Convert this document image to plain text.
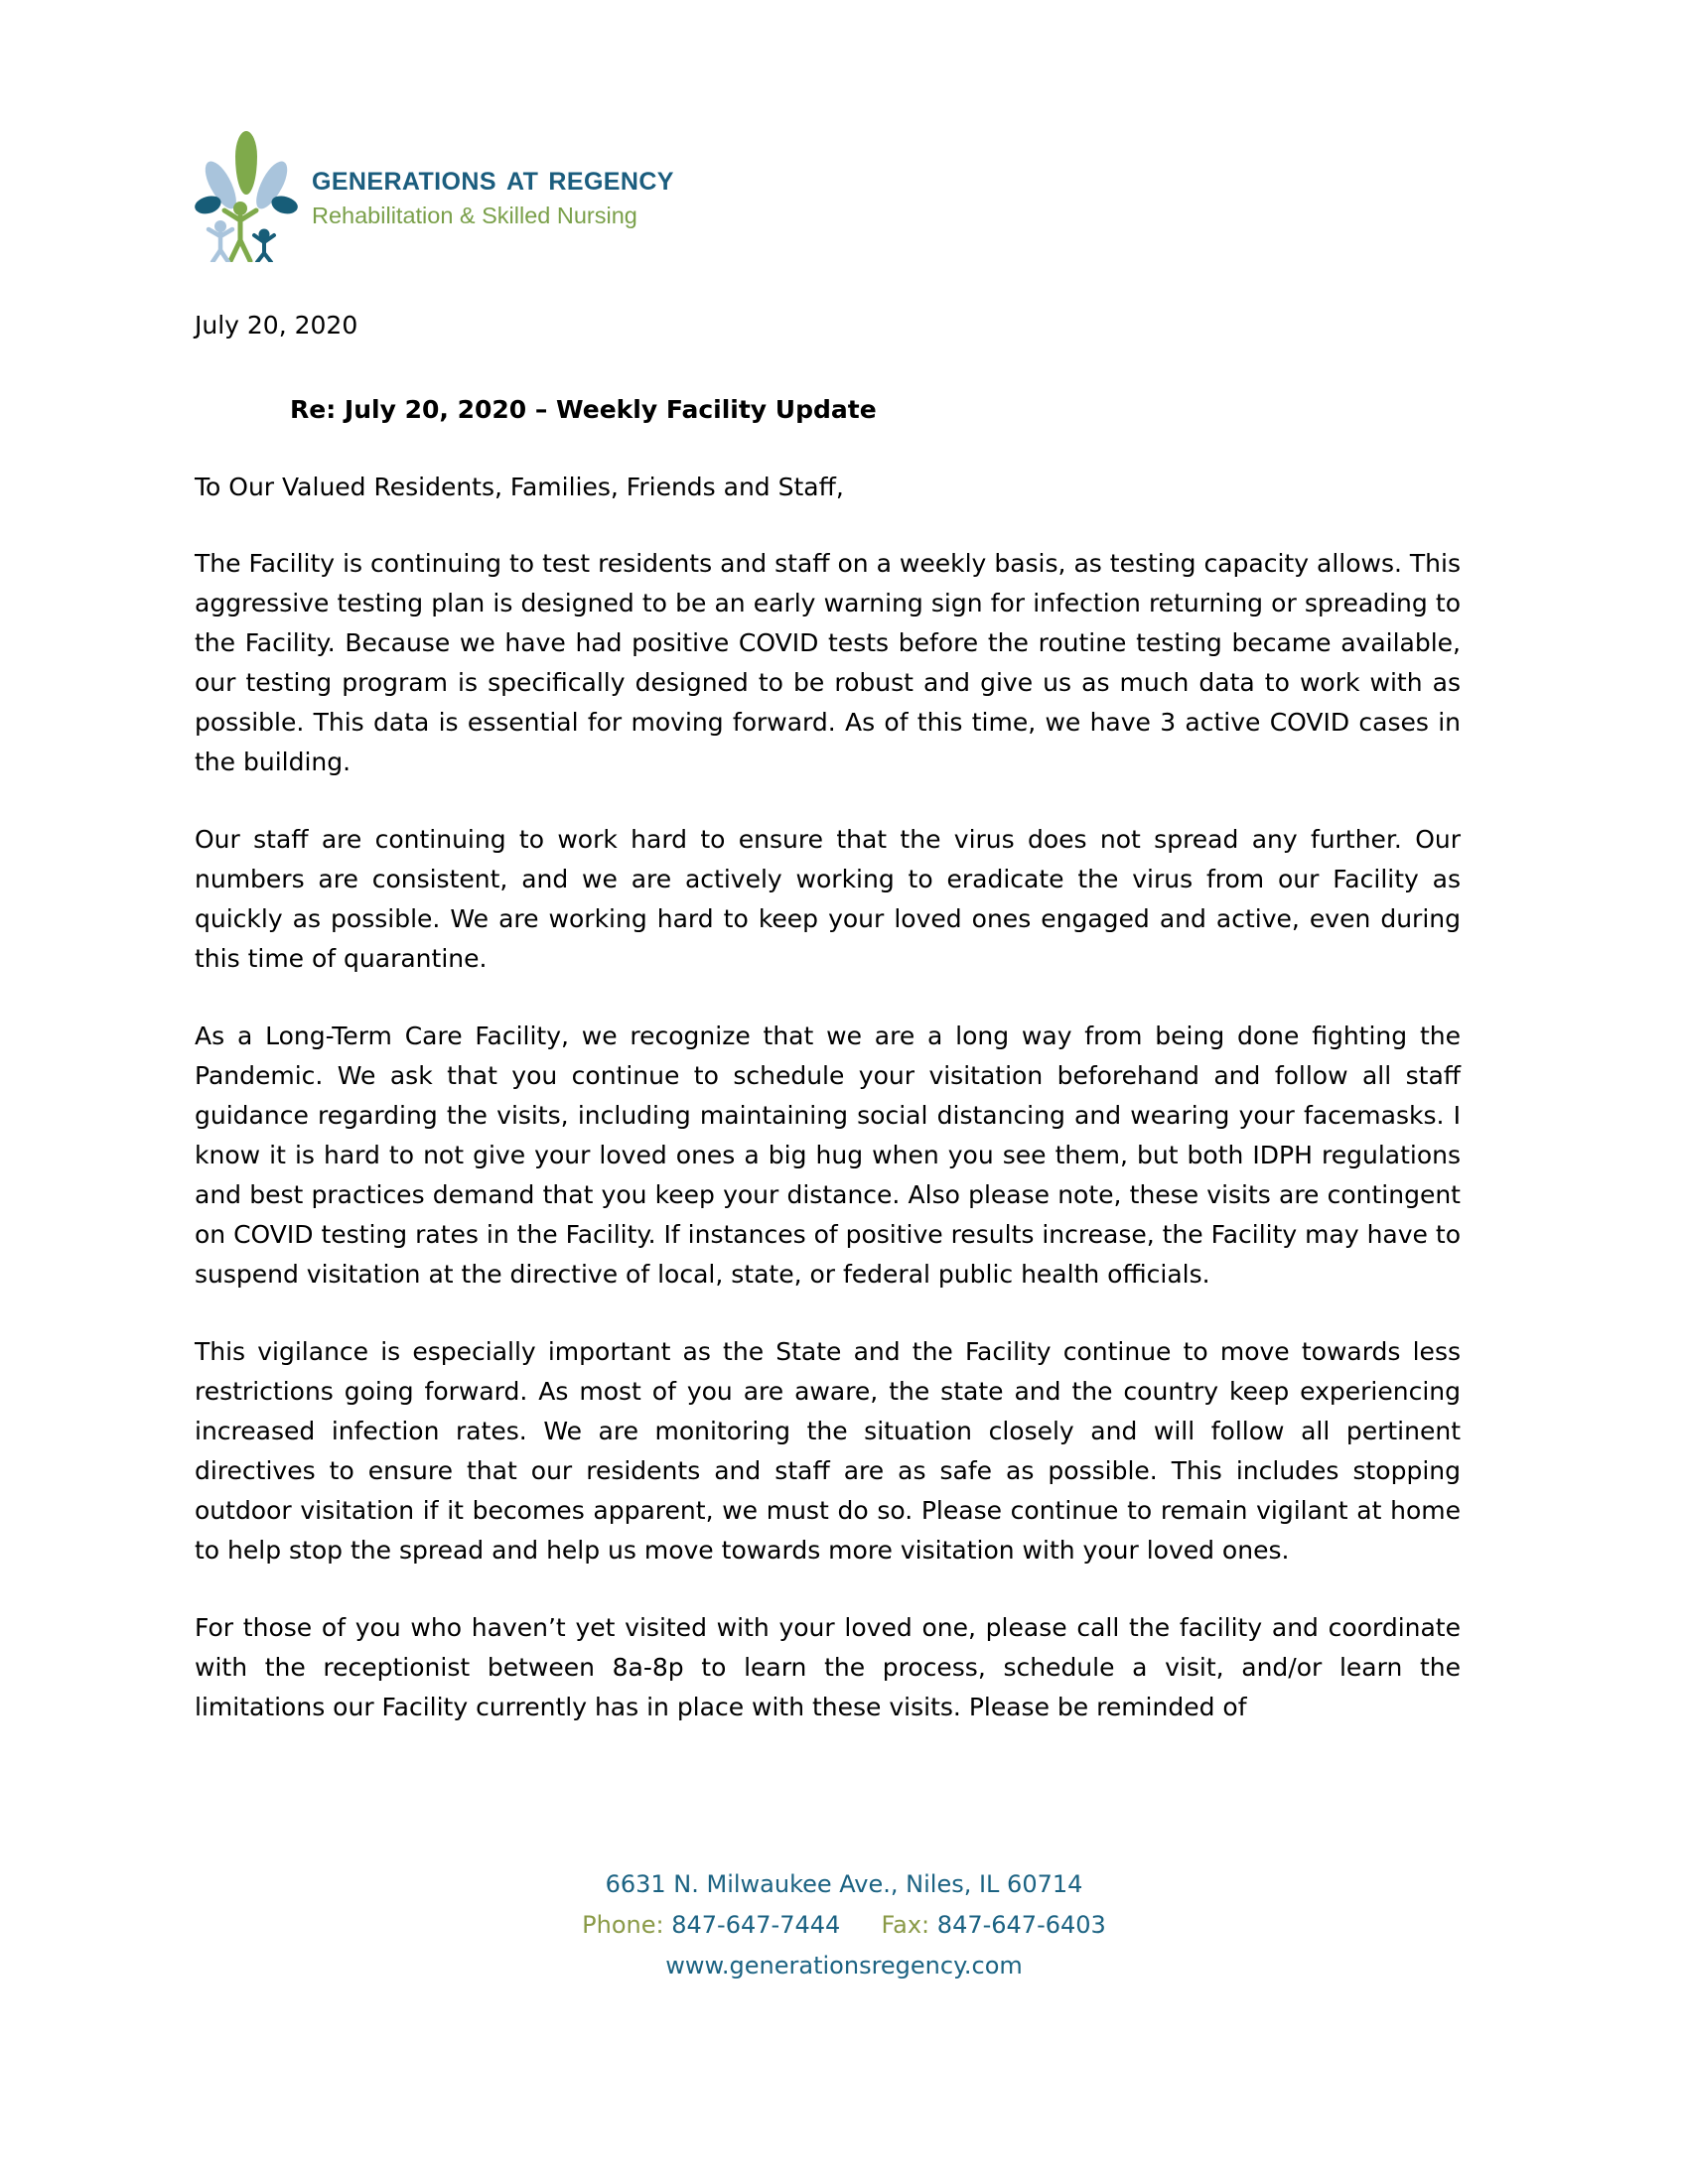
generations at regency
Rehabilitation & Skilled Nursing
July 20, 2020
Re: July 20, 2020 – Weekly Facility Update
To Our Valued Residents, Families, Friends and Staff,

The Facility is continuing to test residents and staff on a weekly basis, as testing capacity allows. This aggressive testing plan is designed to be an early warning sign for infection returning or spreading to the Facility. Because we have had positive COVID tests before the routine testing became available, our testing program is specifically designed to be robust and give us as much data to work with as possible. This data is essential for moving forward. As of this time, we have 3 active COVID cases in the building.

Our staff are continuing to work hard to ensure that the virus does not spread any further. Our numbers are consistent, and we are actively working to eradicate the virus from our Facility as quickly as possible. We are working hard to keep your loved ones engaged and active, even during this time of quarantine.

As a Long-Term Care Facility, we recognize that we are a long way from being done fighting the Pandemic. We ask that you continue to schedule your visitation beforehand and follow all staff guidance regarding the visits, including maintaining social distancing and wearing your facemasks. I know it is hard to not give your loved ones a big hug when you see them, but both IDPH regulations and best practices demand that you keep your distance. Also please note, these visits are contingent on COVID testing rates in the Facility. If instances of positive results increase, the Facility may have to suspend visitation at the directive of local, state, or federal public health officials.

This vigilance is especially important as the State and the Facility continue to move towards less restrictions going forward. As most of you are aware, the state and the country keep experiencing increased infection rates. We are monitoring the situation closely and will follow all pertinent directives to ensure that our residents and staff are as safe as possible. This includes stopping outdoor visitation if it becomes apparent, we must do so. Please continue to remain vigilant at home to help stop the spread and help us move towards more visitation with your loved ones.

For those of you who haven’t yet visited with your loved one, please call the facility and coordinate with the receptionist between 8a-8p to learn the process, schedule a visit, and/or learn the limitations our Facility currently has in place with these visits. Please be reminded of

6631 N. Milwaukee Ave., Niles, IL 60714
Phone: 847-647-7444 Fax: 847-647-6403
www.generationsregency.com
